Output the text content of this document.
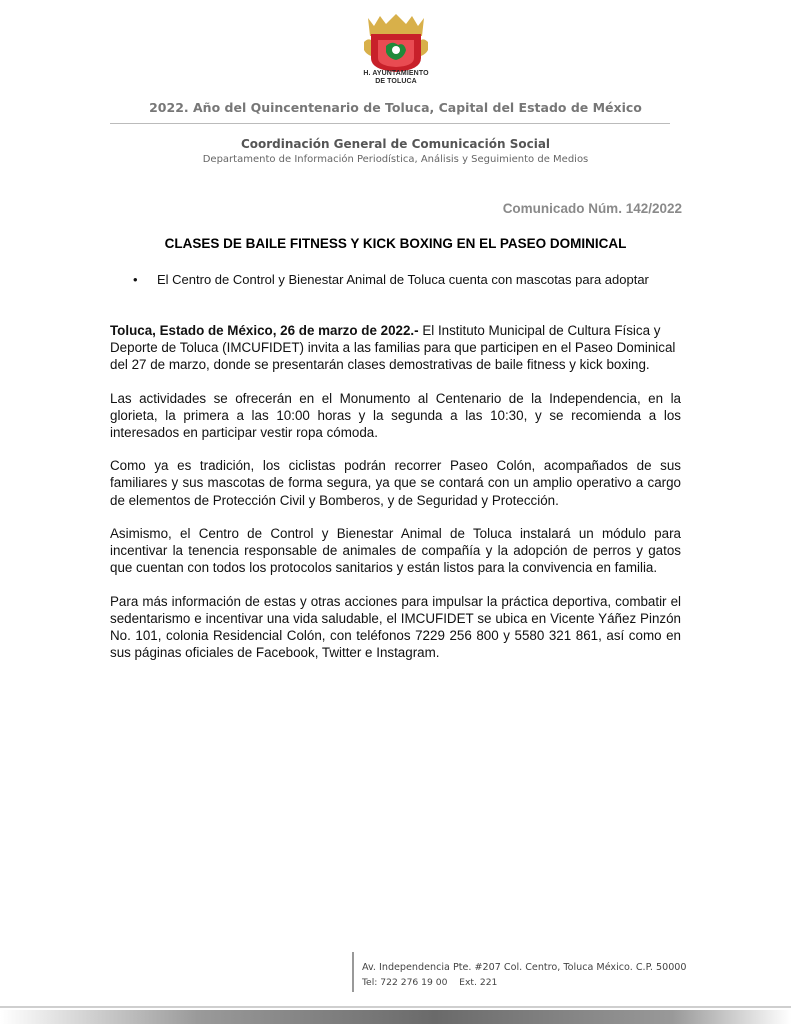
H. AYUNTAMIENTO
DE TOLUCA
2022. Año del Quincentenario de Toluca, Capital del Estado de México
Coordinación General de Comunicación Social
Departamento de Información Periodística, Análisis y Seguimiento de Medios
Comunicado Núm. 142/2022
CLASES DE BAILE FITNESS Y KICK BOXING EN EL PASEO DOMINICAL
• El Centro de Control y Bienestar Animal de Toluca cuenta con mascotas para adoptar

Toluca, Estado de México, 26 de marzo de 2022.- El Instituto Municipal de Cultura Física y Deporte de Toluca (IMCUFIDET) invita a las familias para que participen en el Paseo Dominical del 27 de marzo, donde se presentarán clases demostrativas de baile fitness y kick boxing.

Las actividades se ofrecerán en el Monumento al Centenario de la Independencia, en la glorieta, la primera a las 10:00 horas y la segunda a las 10:30, y se recomienda a los interesados en participar vestir ropa cómoda.

Como ya es tradición, los ciclistas podrán recorrer Paseo Colón, acompañados de sus familiares y sus mascotas de forma segura, ya que se contará con un amplio operativo a cargo de elementos de Protección Civil y Bomberos, y de Seguridad y Protección.

Asimismo, el Centro de Control y Bienestar Animal de Toluca instalará un módulo para incentivar la tenencia responsable de animales de compañía y la adopción de perros y gatos que cuentan con todos los protocolos sanitarios y están listos para la convivencia en familia.

Para más información de estas y otras acciones para impulsar la práctica deportiva, combatir el sedentarismo e incentivar una vida saludable, el IMCUFIDET se ubica en Vicente Yáñez Pinzón No. 101, colonia Residencial Colón, con teléfonos 7229 256 800 y 5580 321 861, así como en sus páginas oficiales de Facebook, Twitter e Instagram.

Av. Independencia Pte. #207 Col. Centro, Toluca México. C.P. 50000
Tel: 722 276 19 00    Ext. 221
